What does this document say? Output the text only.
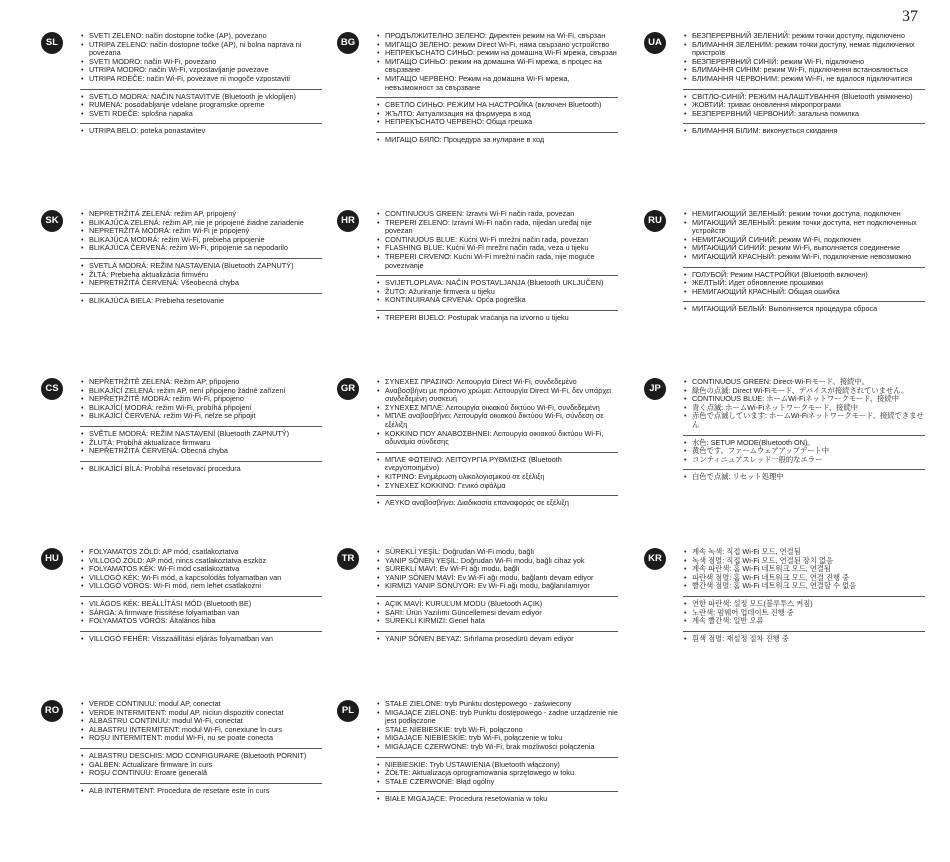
37
SL
• SVETI ZELENO: način dostopne točke (AP), povezano
• UTRIPA ZELENO: način dostopne točke (AP), ni bolna naprava ni povezana
• SVETI MODRO: način Wi-Fi, povezano
• UTRIPA MODRO: način Wi-Fi, vzpostavljanje povezave
• UTRIPA RDEČE: način Wi-Fi, povezave ni mogoče vzpostaviti
• SVETLO MODRA: NAČIN NASTAVITVE (Bluetooth je vklopljen)
• RUMENA: posodabljanje vdelane programske opreme
• SVETI RDEČE: splošna napaka
• UTRIPA BELO: poteka ponastavitev
BG
• ПРОДЪЛЖИТЕЛНО ЗЕЛЕНО: Директен режим на Wi-Fi, свързан
• МИГАЩО ЗЕЛЕНО: режим Direct Wi-Fi, няма свързано устройство
• НЕПРЕКЪСНАТО СИНЬО: режим на домашна Wi-Fi мрежа, свързан
• МИГАЩО СИНЬО: режим на домашна Wi-Fi мрежа, в процес на свързване
• МИГАЩО ЧЕРВЕНО: Режим на домашна Wi-Fi мрежа, невъзможност за свързване
• СВЕТЛО СИНЬО: РЕЖИМ НА НАСТРОЙКА (включен Bluetooth)
• ЖЪЛТО: Актуализация на фърмуера в ход
• НЕПРЕКЪСНАТО ЧЕРВЕНО: Обща грешка
• МИГАЩО БЯЛО: Процедура за нулиране в ход
UA
• БЕЗПЕРЕРВНИЙ ЗЕЛЕНИЙ: режим точки доступу, підключено
• БЛИМАННЯ ЗЕЛЕНИМ: режим точки доступу, немає підключених пристроїв
• БЕЗПЕРЕРВНИЙ СИНІЙ: режим Wi-Fi, підключено
• БЛИМАННЯ СИНІМ: режим Wi-Fi, підключення встановлюється
• БЛИМАННЯ ЧЕРВОНИМ: режим Wi-Fi, не вдалося підключитися
• СВІТЛО-СИНІЙ: РЕЖИМ НАЛАШТУВАННЯ (Bluetooth увімкнено)
• ЖОВТИЙ: триває оновлення мікропрограми
• БЕЗПЕРЕРВНИЙ ЧЕРВОНИЙ: загальна помилка
• БЛИМАННЯ БІЛИМ: виконується скидання
SK
• NEPRETRŽITÁ ZELENÁ: režim AP, pripojený
• BLIKAJÚCA ZELENÁ: režim AP, nie je pripojené žiadne zariadenie
• NEPRETRŽITÁ MODRÁ: režim Wi-Fi je pripojený
• BLIKAJÚCA MODRÁ: režim Wi-Fi, prebieha pripojenie
• BLIKAJÚCA ČERVENÁ: režim Wi-Fi, pripojenie sa nepodarilo
• SVETLÁ MODRÁ: REŽIM NASTAVENIA (Bluetooth ZAPNUTÝ)
• ŽLTÁ: Prebieha aktualizácia firmvéru
• NEPRETRŽITÁ ČERVENÁ: Všeobecná chyba
• BLIKAJÚCA BIELA: Prebieha resetovanie
HR
• CONTINUOUS GREEN: Izravni Wi-Fi način rada, povezan
• TREPERI ZELENO: Izravni Wi-Fi način rada, nijedan uređaj nije povezan
• CONTINUOUS BLUE: Kućni Wi-Fi mrežni način rada, povezan
• FLASHING BLUE: Kućni Wi-Fi mrežni način rada, veza u tijeku
• TREPERI CRVENO: Kućni Wi-Fi mrežni način rada, nije moguće povezivanje
• SVIJETLOPLAVA: NAČIN POSTAVLJANJA (Bluetooth UKLJUČEN)
• ŽUTO: Ažuriranje firmvera u tijeku
• KONTINUIRANA CRVENA: Opća pogreška
• TREPERI BIJELO: Postupak vraćanja na izvorno u tijeku
RU
• НЕМИГАЮЩИЙ ЗЕЛЕНЫЙ: режим точки доступа, подключен
• МИГАЮЩИЙ ЗЕЛЕНЫЙ: режим точки доступа, нет подключенных устройств
• НЕМИГАЮЩИЙ СИНИЙ: режим Wi-Fi, подключен
• МИГАЮЩИЙ СИНИЙ: режим Wi-Fi, выполняется соединение
• МИГАЮЩИЙ КРАСНЫЙ: режим Wi-Fi, подключение невозможно
• ГОЛУБОЙ: Режим НАСТРОЙКИ (Bluetooth включен)
• ЖЕЛТЫЙ: Идет обновление прошивки
• НЕМИГАЮЩИЙ КРАСНЫЙ: Общая ошибка
• МИГАЮЩИЙ БЕЛЫЙ: Выполняется процедура сброса
CS
• NEPŘETRŽITĚ ZELENÁ: Režim AP, připojeno
• BLIKAJÍCÍ ZELENÁ: režim AP, není připojeno žádné zařízení
• NEPŘETRŽITĚ MODRÁ: režim Wi-Fi, připojeno
• BLIKAJÍCÍ MODRÁ: režim Wi-Fi, probíhá připojení
• BLIKAJÍCÍ ČERVENÁ: režim Wi-Fi, nelze se připojit
• SVĚTLE MODRÁ: REŽIM NASTAVENÍ (Bluetooth ZAPNUTÝ)
• ŽLUTÁ: Probíhá aktualizace firmwaru
• NEPŘETRŽITÁ ČERVENÁ: Obecná chyba
• BLIKAJÍCÍ BÍLÁ: Probíhá resetovací procedura
GR
• ΣΥΝΕΧΕΣ ΠΡΑΣΙΝΟ: Λειτουργία Direct Wi-Fi, συνδεδεμένο
• Αναβοσβήνει με πράσινο χρώμα: Λειτουργία Direct Wi-Fi, δεν υπάρχει συνδεδεμένη συσκευή
• ΣΥΝΕΧΕΣ ΜΠΛΕ: Λειτουργία οικιακού δικτύου Wi-Fi, συνδεδεμένη
• ΜΠΛΕ αναβοσβήνει: Λειτουργία οικιακού δικτύου Wi-Fi, σύνδεση σε εξέλιξη
• ΚΟΚΚΙΝΟ ΠΟΥ ΑΝΑΒΟΣΒΗΝΕΙ: Λειτουργία οικιακού δικτύου Wi-Fi, αδυναμία σύνδεσης
• ΜΠΛΕ ΦΩΤΕΙΝΟ: ΛΕΙΤΟΥΡΓΙΑ ΡΥΘΜΙΣΗΣ (Bluetooth ενεργοποιημένο)
• ΚΙΤΡΙΝΟ: Ενημέρωση υλικολογισμικού σε εξέλιξη
• ΣΥΝΕΧΕΣ ΚΟΚΚΙΝΟ: Γενικό σφάλμα
• ΛΕΥΚΟ αναβοσβήνει: Διαδικασία επαναφοράς σε εξέλιξη
JP
• CONTINUOUS GREEN: Direct-Wi-Fiモード、接続中。
• 緑色の点滅: Direct Wi-Fiモード、デバイスが接続されていません。
• CONTINUOUS BLUE: ホームWi-Fiネットワークモード、接続中
• 青く点滅: ホームWi-Fiネットワークモード、接続中
• 赤色で点滅しています: ホームWi-Fiネットワークモード、接続できません
• 水色: SETUP MODE(Bluetooth ON)。
• 黄色です。ファームウェアアップデート中
• コンティニュアスレッド一般的なエラー
• 白色で点滅: リセット処理中
HU
• FOLYAMATOS ZÖLD: AP mód, csatlakoztatva
• VILLOGÓ ZÖLD: AP mód, nincs csatlakoztatva eszköz
• FOLYAMATOS KÉK: Wi-Fi mód csatlakoztatva
• VILLOGÓ KÉK: Wi-Fi mód, a kapcsolódás folyamatban van
• VILLOGÓ VÖRÖS: Wi-Fi mód, nem lehet csatlakozni
• VILÁGOS KÉK: BEÁLLÍTÁSI MÓD (Bluetooth BE)
• SÁRGA: A firmware frissítése folyamatban van
• FOLYAMATOS VÖRÖS: Általános hiba
• VILLOGÓ FEHÉR: Visszaállítási eljárás folyamatban van
TR
• SÜREKLİ YEŞİL: Doğrudan Wi-Fi modu, bağlı
• YANIP SÖNEN YEŞİL: Doğrudan Wi-Fi modu, bağlı cihaz yok
• SÜREKLİ MAVİ: Ev Wi-Fi ağı modu, bağlı
• YANIP SÖNEN MAVİ: Ev Wi-Fi ağı modu, bağlantı devam ediyor
• KIRMIZI YANIP SÖNÜYOR: Ev Wi-Fi ağı modu, bağlanılamıyor
• AÇIK MAVİ: KURULUM MODU (Bluetooth AÇIK)
• SARI: Ürün Yazılımı Güncellemesi devam ediyor
• SÜREKLİ KIRMIZI: Genel hata
• YANIP SÖNEN BEYAZ: Sıfırlama prosedürü devam ediyor
KR
• 계속 녹색: 직접 Wi-Fi 모드, 연결됨
• 녹색 점멸: 직접 Wi-Fi 모드, 연결된 장치 없음
• 계속 파란색: 홈 Wi-Fi 네트워크 모드, 연결됨
• 파란색 점멸: 홈 Wi-Fi 네트워크 모드, 연결 진행 중
• 빨간색 점멸: 홈 Wi-Fi 네트워크 모드, 연결할 수 없음
• 연한 파란색: 설정 모드(블루투스 켜짐)
• 노란색: 펌웨어 업데이트 진행 중
• 계속 빨간색: 일반 오류
• 흰색 점멸: 재설정 절차 진행 중
RO
• VERDE CONTINUU: modul AP, conectat
• VERDE INTERMITENT: modul AP, niciun dispozitiv conectat
• ALBASTRU CONTINUU: modul Wi-Fi, conectat
• ALBASTRU INTERMITENT: modul Wi-Fi, conexiune în curs
• ROȘU INTERMITENT: modul Wi-Fi, nu se poate conecta
• ALBASTRU DESCHIS: MOD CONFIGURARE (Bluetooth PORNIT)
• GALBEN: Actualizare firmware în curs
• ROȘU CONTINUU: Eroare generală
• ALB INTERMITENT: Procedura de resetare este în curs
PL
• STAŁE ZIELONE: tryb Punktu dostępowego - zaświecony
• MIGAJĄCE ZIELONE: tryb Punktu dostępowego - żadne urządzenie nie jest podłączone
• STAŁE NIEBIESKIE: tryb Wi-Fi, połączono
• MIGAJĄCE NIEBIESKIE: tryb Wi-Fi, połączenie w toku
• MIGAJĄCE CZERWONE: tryb Wi-Fi, brak możliwości połączenia
• NIEBIESKIE: Tryb USTAWIENIA (Bluetooth włączony)
• ŻÓŁTE: Aktualizacja oprogramowania sprzętowego w toku
• STAŁE CZERWONE: Błąd ogólny
• BIAŁE MIGAJĄCE: Procedura resetowania w toku
